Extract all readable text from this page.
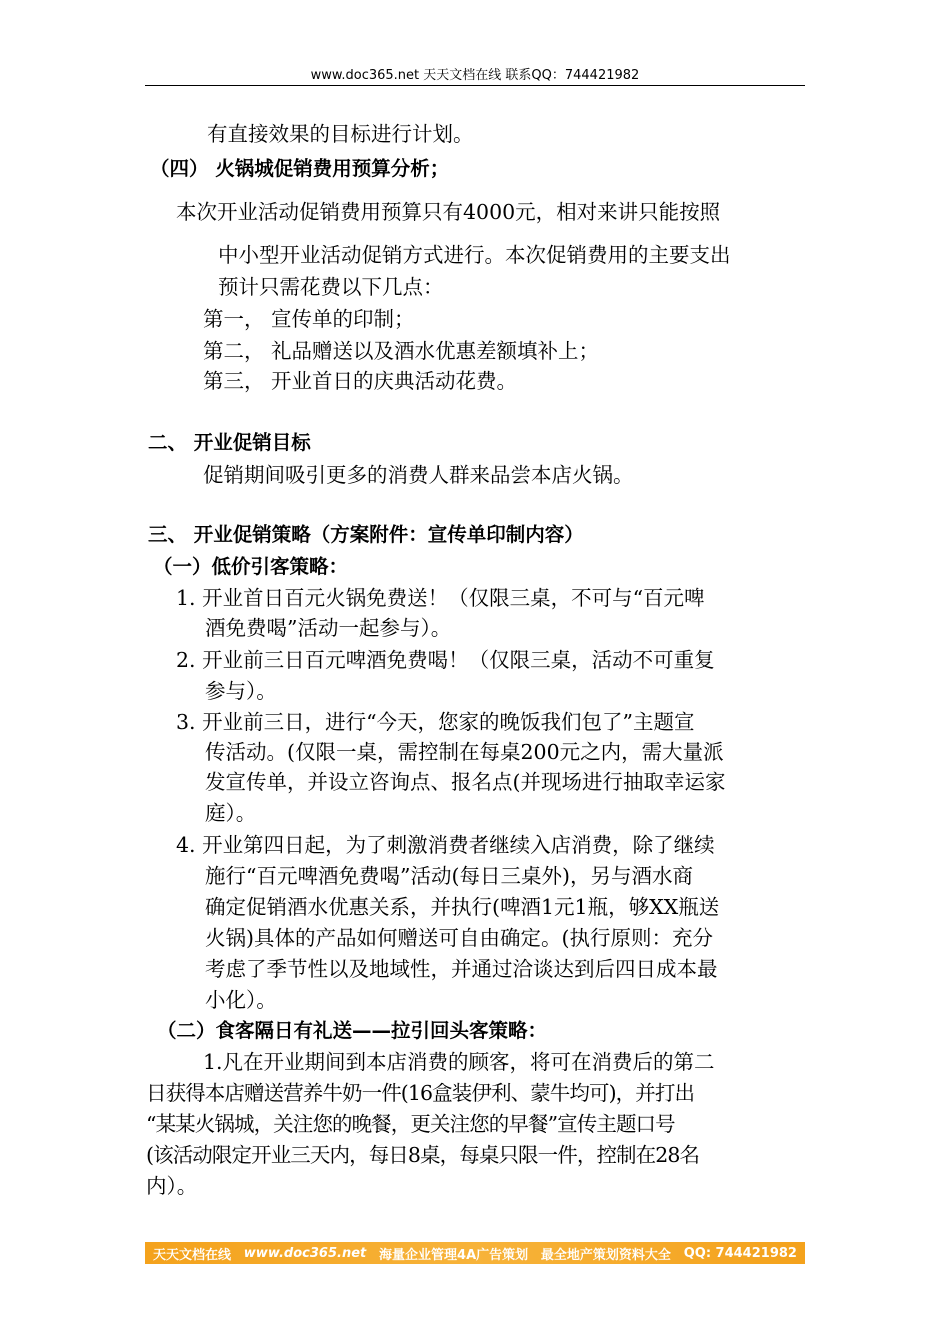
www.doc365.net 天天文档在线 联系QQ：744421982
有直接效果的目标进行计划。
（四） 火锅城促销费用预算分析；
本次开业活动促销费用预算只有4000元，相对来讲只能按照
中小型开业活动促销方式进行。本次促销费用的主要支出
预计只需花费以下几点：
第一， 宣传单的印制；
第二， 礼品赠送以及酒水优惠差额填补上；
第三， 开业首日的庆典活动花费。
二、 开业促销目标
促销期间吸引更多的消费人群来品尝本店火锅。
三、 开业促销策略（方案附件：宣传单印制内容）
（一）低价引客策略：
1. 开业首日百元火锅免费送！（仅限三桌，不可与“百元啤
酒免费喝”活动一起参与）。
2. 开业前三日百元啤酒免费喝！（仅限三桌，活动不可重复
参与）。
3. 开业前三日，进行“今天，您家的晚饭我们包了”主题宣
传活动。(仅限一桌，需控制在每桌200元之内，需大量派
发宣传单，并设立咨询点、报名点(并现场进行抽取幸运家
庭）。
4. 开业第四日起，为了刺激消费者继续入店消费，除了继续
施行“百元啤酒免费喝”活动(每日三桌外)，另与酒水商
确定促销酒水优惠关系，并执行(啤酒1元1瓶，够XX瓶送
火锅)具体的产品如何赠送可自由确定。(执行原则：充分
考虑了季节性以及地域性，并通过洽谈达到后四日成本最
小化）。
（二）食客隔日有礼送——拉引回头客策略：
1.凡在开业期间到本店消费的顾客，将可在消费后的第二
日获得本店赠送营养牛奶一件(16盒装伊利、蒙牛均可)，并打出
“某某火锅城，关注您的晚餐，更关注您的早餐”宣传主题口号
(该活动限定开业三天内，每日8桌，每桌只限一件，控制在28名
内）。
天天文档在线 www.doc365.net 海量企业管理4A广告策划 最全地产策划资料大全 QQ: 744421982
